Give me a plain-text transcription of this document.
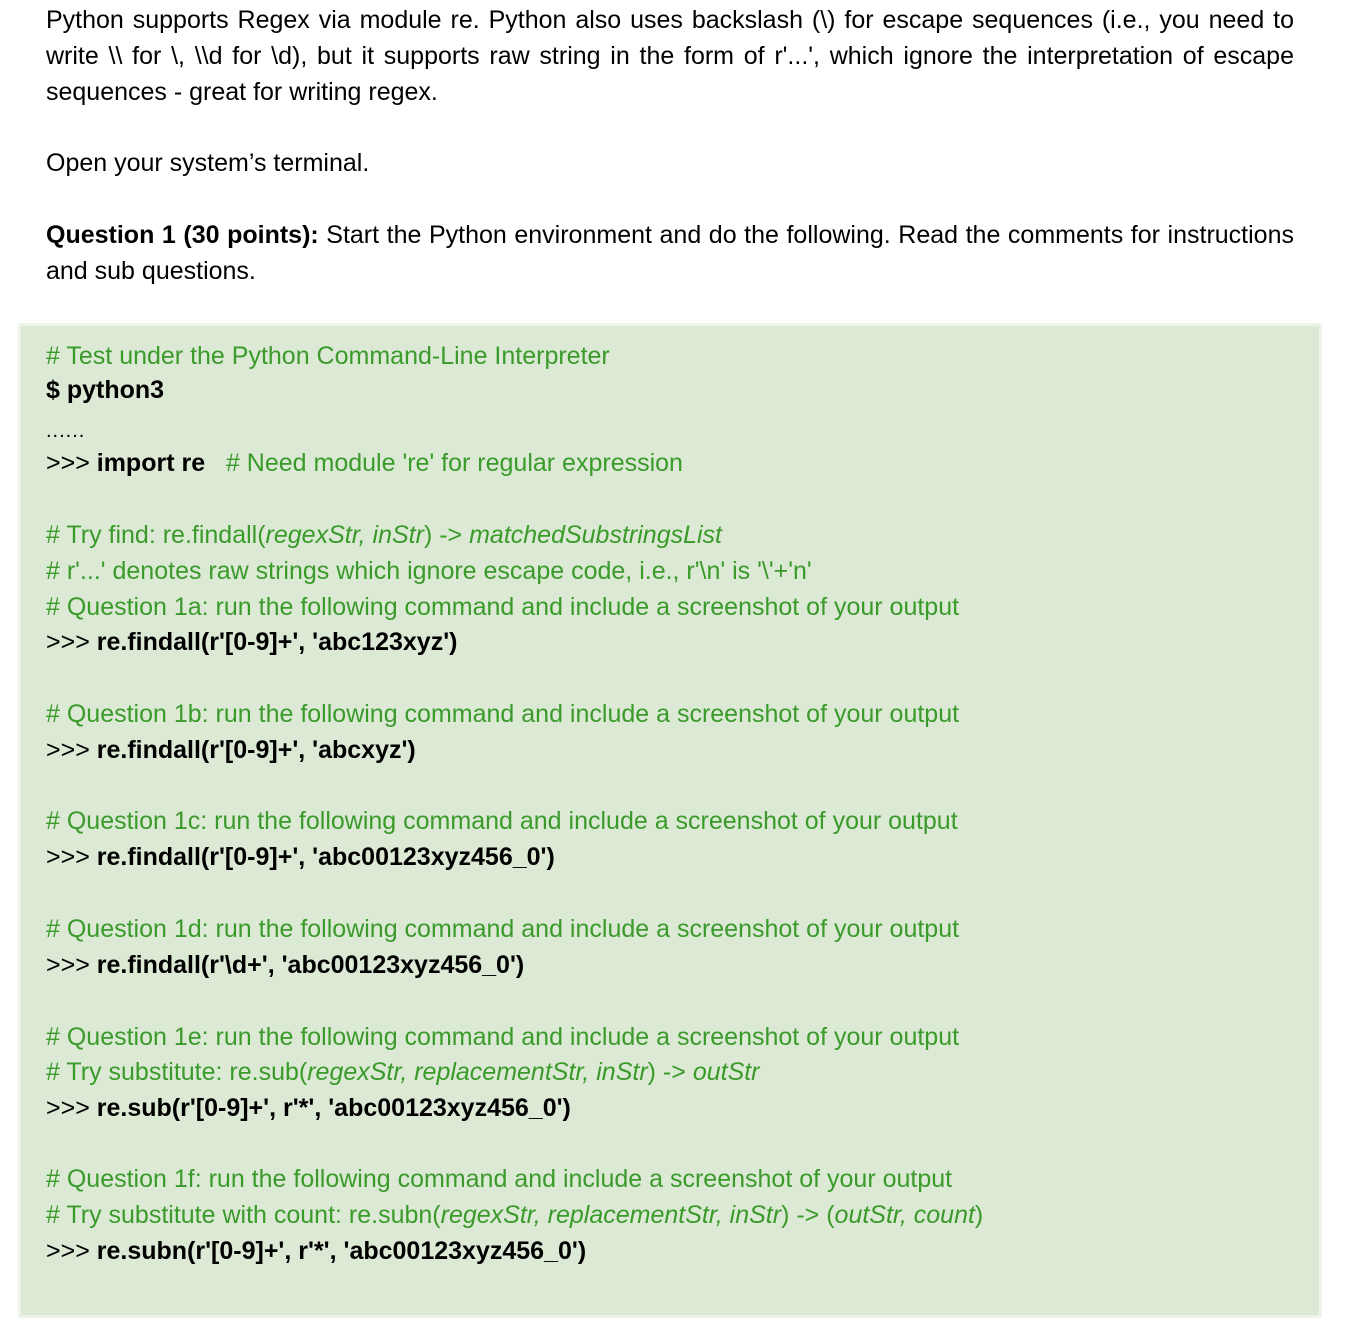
Python supports Regex via module re. Python also uses backslash (\) for escape sequences (i.e., you need to write \\ for \, \\d for \d), but it supports raw string in the form of r'...', which ignore the interpretation of escape sequences - great for writing regex.

Open your system’s terminal.

Question 1 (30 points): Start the Python environment and do the following. Read the comments for instructions and sub questions.

# Test under the Python Command-Line Interpreter

$ python3

......

>>> import re # Need module 're' for regular expression

# Try find: re.findall(regexStr, inStr) -> matchedSubstringsList

# r'...' denotes raw strings which ignore escape code, i.e., r'\n' is '\'+'n'

# Question 1a: run the following command and include a screenshot of your output

>>> re.findall(r'[0-9]+', 'abc123xyz')

# Question 1b: run the following command and include a screenshot of your output

>>> re.findall(r'[0-9]+', 'abcxyz')

# Question 1c: run the following command and include a screenshot of your output

>>> re.findall(r'[0-9]+', 'abc00123xyz456_0')

# Question 1d: run the following command and include a screenshot of your output

>>> re.findall(r'\d+', 'abc00123xyz456_0')

# Question 1e: run the following command and include a screenshot of your output

# Try substitute: re.sub(regexStr, replacementStr, inStr) -> outStr

>>> re.sub(r'[0-9]+', r'*', 'abc00123xyz456_0')

# Question 1f: run the following command and include a screenshot of your output

# Try substitute with count: re.subn(regexStr, replacementStr, inStr) -> (outStr, count)

>>> re.subn(r'[0-9]+', r'*', 'abc00123xyz456_0')
